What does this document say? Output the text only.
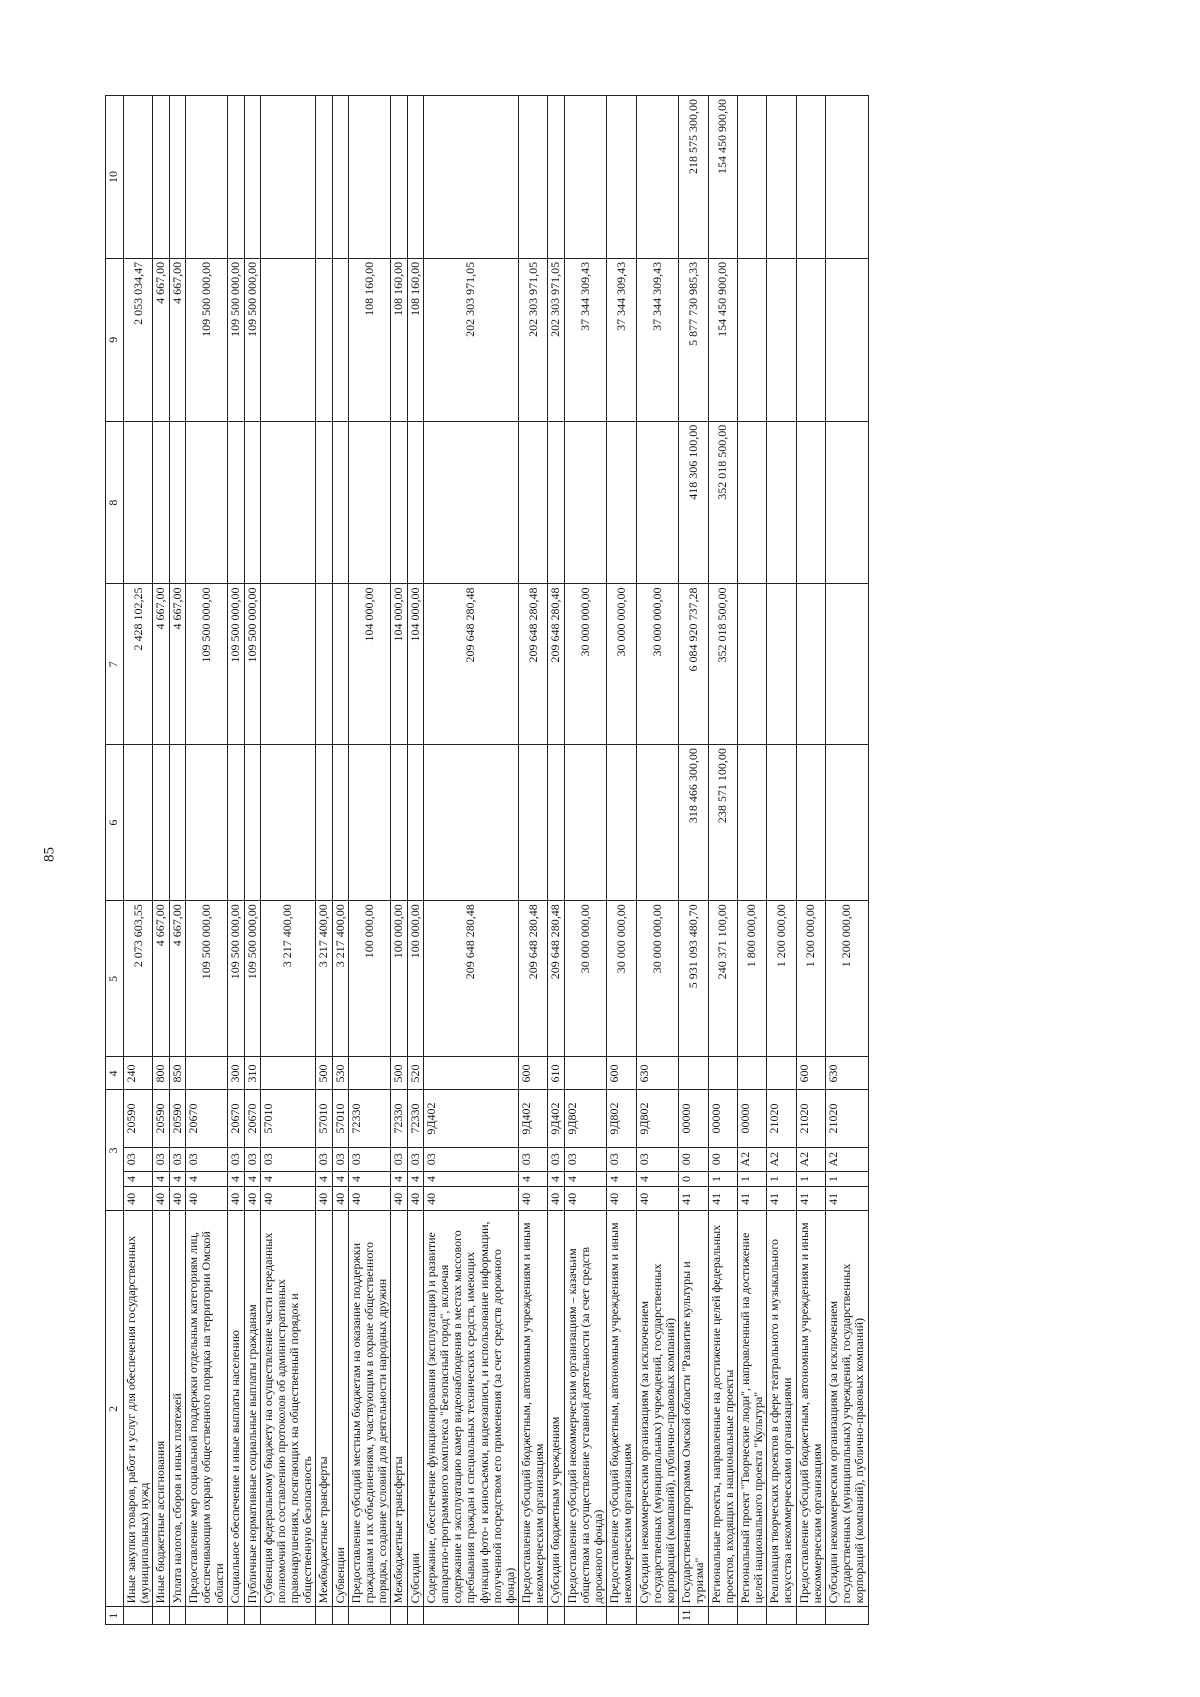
85
1	2	3				4	5	6	7	8	9	10
	Иные закупки товаров, работ и услуг для обеспечения государственных (муниципальных) нужд	40	4	03	20590	240	2 073 603,55		2 428 102,25		2 053 034,47	
	Иные бюджетные ассигнования	40	4	03	20590	800	4 667,00		4 667,00		4 667,00	
	Уплата налогов, сборов и иных платежей	40	4	03	20590	850	4 667,00		4 667,00		4 667,00	
	Предоставление мер социальной поддержки отдельным категориям лиц, обеспечивающим охрану общественного порядка на территории Омской области	40	4	03	20670		109 500 000,00		109 500 000,00		109 500 000,00	
	Социальное обеспечение и иные выплаты населению	40	4	03	20670	300	109 500 000,00		109 500 000,00		109 500 000,00	
	Публичные нормативные социальные выплаты гражданам	40	4	03	20670	310	109 500 000,00		109 500 000,00		109 500 000,00	
	Субвенция федеральному бюджету на осуществление части переданных полномочий по составлению протоколов об административных правонарушениях, посягающих на общественный порядок и общественную безопасность	40	4	03	57010		3 217 400,00					
	Межбюджетные трансферты	40	4	03	57010	500	3 217 400,00					
	Субвенции	40	4	03	57010	530	3 217 400,00					
	Предоставление субсидий местным бюджетам на оказание поддержки гражданам и их объединениям, участвующим в охране общественного порядка, создание условий для деятельности народных дружин	40	4	03	72330		100 000,00		104 000,00		108 160,00	
	Межбюджетные трансферты	40	4	03	72330	500	100 000,00		104 000,00		108 160,00	
	Субсидии	40	4	03	72330	520	100 000,00		104 000,00		108 160,00	
	Содержание, обеспечение функционирования (эксплуатация) и развитие аппаратно-программного комплекса "Безопасный город", включая содержание и эксплуатацию камер видеонаблюдения в местах массового пребывания граждан и специальных технических средств, имеющих функции фото- и киносъемки, видеозаписи, и использование информации, полученной посредством его применения (за счет средств дорожного фонда)	40	4	03	9Д402		209 648 280,48		209 648 280,48		202 303 971,05	
	Предоставление субсидий бюджетным, автономным учреждениям и иным некоммерческим организациям	40	4	03	9Д402	600	209 648 280,48		209 648 280,48		202 303 971,05	
	Субсидии бюджетным учреждениям	40	4	03	9Д402	610	209 648 280,48		209 648 280,48		202 303 971,05	
	Предоставление субсидий некоммерческим организациям – казачьим обществам на осуществление уставной деятельности (за счет средств дорожного фонда)	40	4	03	9Д802		30 000 000,00		30 000 000,00		37 344 309,43	
	Предоставление субсидий бюджетным, автономным учреждениям и иным некоммерческим организациям	40	4	03	9Д802	600	30 000 000,00		30 000 000,00		37 344 309,43	
	Субсидии некоммерческим организациям (за исключением государственных (муниципальных) учреждений, государственных корпораций (компаний), публично-правовых компаний)	40	4	03	9Д802	630	30 000 000,00		30 000 000,00		37 344 309,43	
11	Государственная программа Омской области "Развитие культуры и туризма"	41	0	00	00000		5 931 093 480,70	318 466 300,00	6 084 920 737,28	418 306 100,00	5 877 730 985,33	218 575 300,00
	Региональные проекты, направленные на достижение целей федеральных проектов, входящих в национальные проекты	41	1	00	00000		240 371 100,00	238 571 100,00	352 018 500,00	352 018 500,00	154 450 900,00	154 450 900,00
	Региональный проект "Творческие люди", направленный на достижение целей национального проекта "Культура"	41	1	А2	00000		1 800 000,00					
	Реализация творческих проектов в сфере театрального и музыкального искусства некоммерческими организациями	41	1	А2	21020		1 200 000,00					
	Предоставление субсидий бюджетным, автономным учреждениям и иным некоммерческим организациям	41	1	А2	21020	600	1 200 000,00					
	Субсидии некоммерческим организациям (за исключением государственных (муниципальных) учреждений, государственных корпораций (компаний), публично-правовых компаний)	41	1	А2	21020	630	1 200 000,00					
